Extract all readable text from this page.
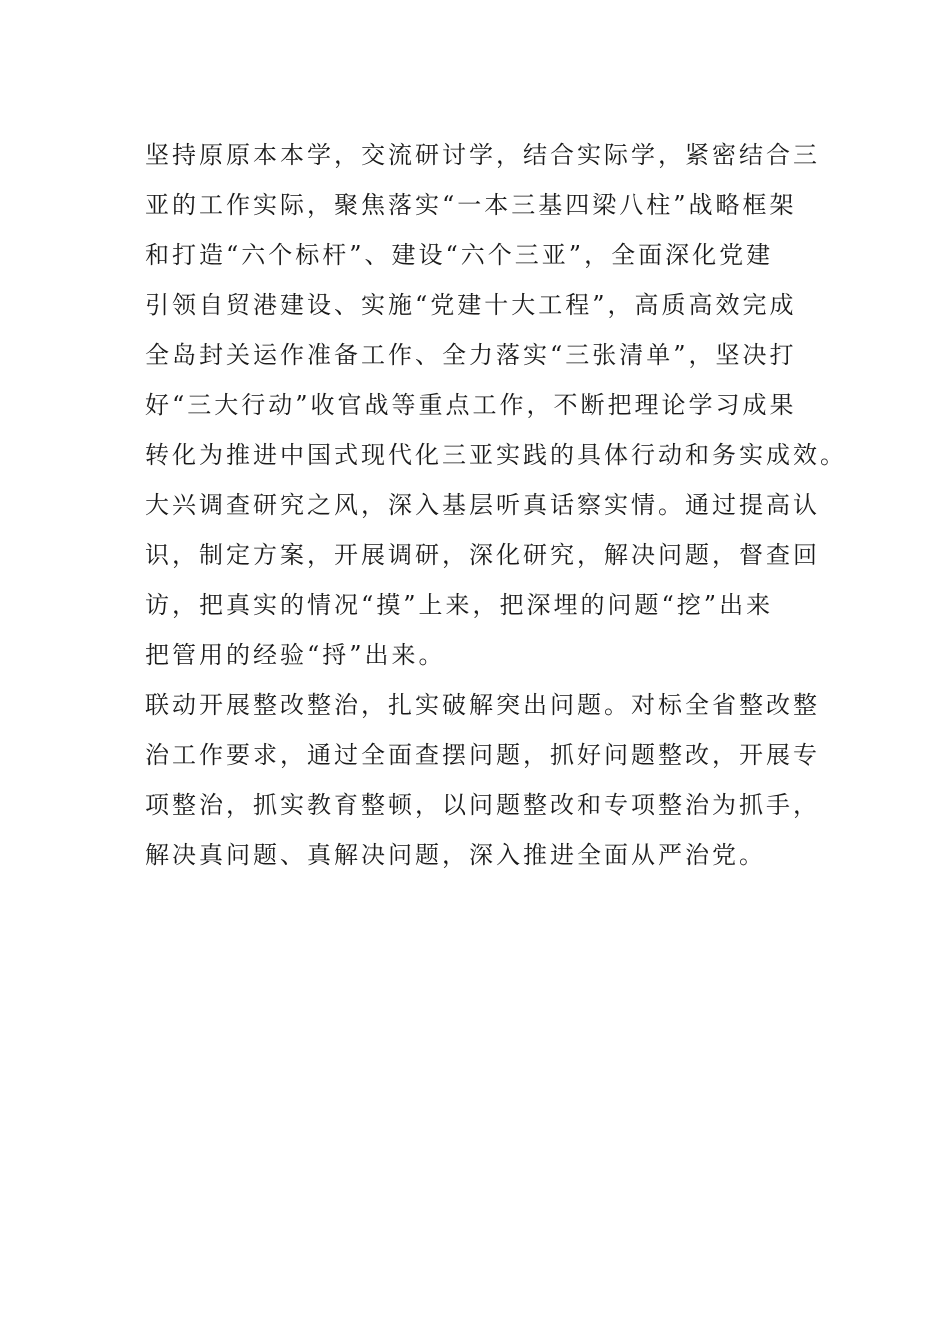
坚持原原本本学，交流研讨学，结合实际学，紧密结合三
亚的工作实际，聚焦落实“一本三基四梁八柱”战略框架
和打造“六个标杆”、建设“六个三亚”，全面深化党建
引领自贸港建设、实施“党建十大工程”，高质高效完成
全岛封关运作准备工作、全力落实“三张清单”，坚决打
好“三大行动”收官战等重点工作，不断把理论学习成果
转化为推进中国式现代化三亚实践的具体行动和务实成效。
大兴调查研究之风，深入基层听真话察实情。通过提高认
识，制定方案，开展调研，深化研究，解决问题，督查回
访，把真实的情况“摸”上来，把深埋的问题“挖”出来
把管用的经验“捋”出来。
联动开展整改整治，扎实破解突出问题。对标全省整改整
治工作要求，通过全面查摆问题，抓好问题整改，开展专
项整治，抓实教育整顿，以问题整改和专项整治为抓手，
解决真问题、真解决问题，深入推进全面从严治党。
